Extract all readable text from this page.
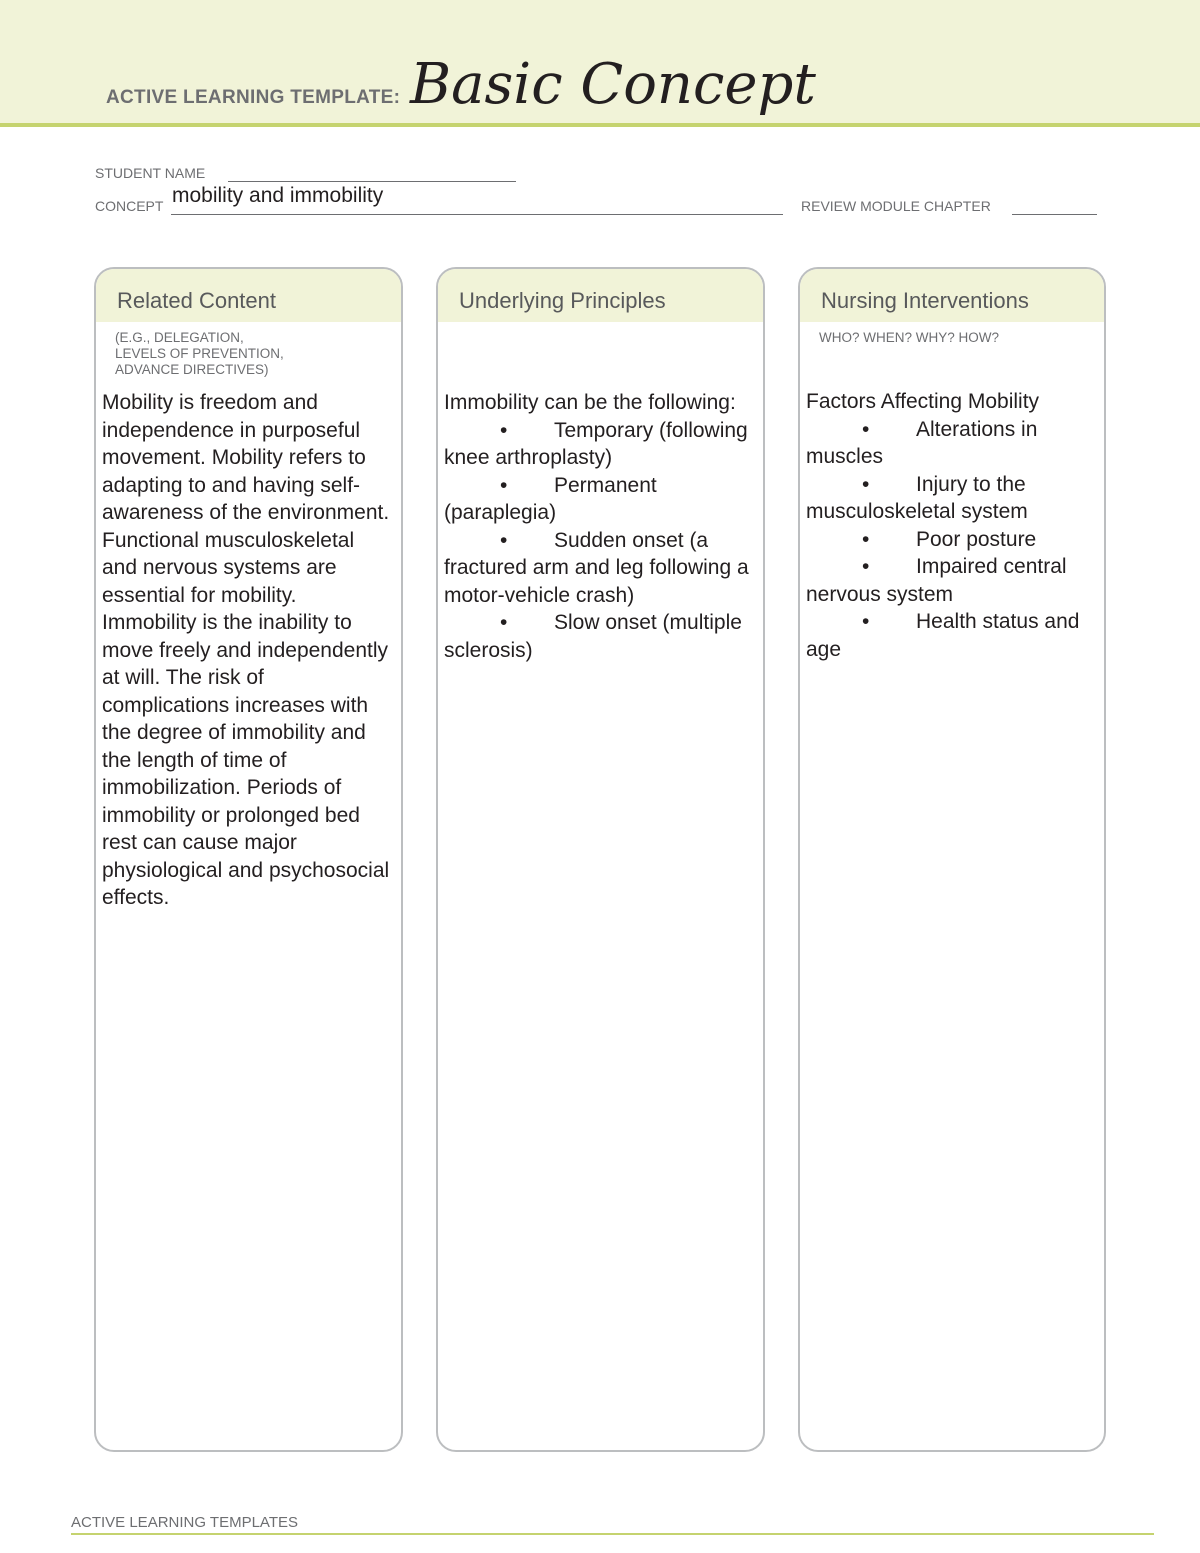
ACTIVE LEARNING TEMPLATE: Basic Concept
STUDENT NAME
CONCEPT mobility and immobility	REVIEW MODULE CHAPTER
Related Content
(E.G., DELEGATION,
LEVELS OF PREVENTION,
ADVANCE DIRECTIVES)

Mobility is freedom and independence in purposeful movement. Mobility refers to adapting to and having self-awareness of the environment. Functional musculoskeletal and nervous systems are essential for mobility. Immobility is the inability to move freely and independently at will. The risk of complications increases with the degree of immobility and the length of time of immobilization. Periods of immobility or prolonged bed rest can cause major physiological and psychosocial effects.

Underlying Principles

Immobility can be the following:

• Temporary (following knee arthroplasty)

• Permanent (paraplegia)

• Sudden onset (a fractured arm and leg following a motor-vehicle crash)

• Slow onset (multiple sclerosis)

Nursing Interventions
WHO? WHEN? WHY? HOW?

Factors Affecting Mobility

• Alterations in muscles

• Injury to the musculoskeletal system

• Poor posture

• Impaired central nervous system

• Health status and age

ACTIVE LEARNING TEMPLATES
